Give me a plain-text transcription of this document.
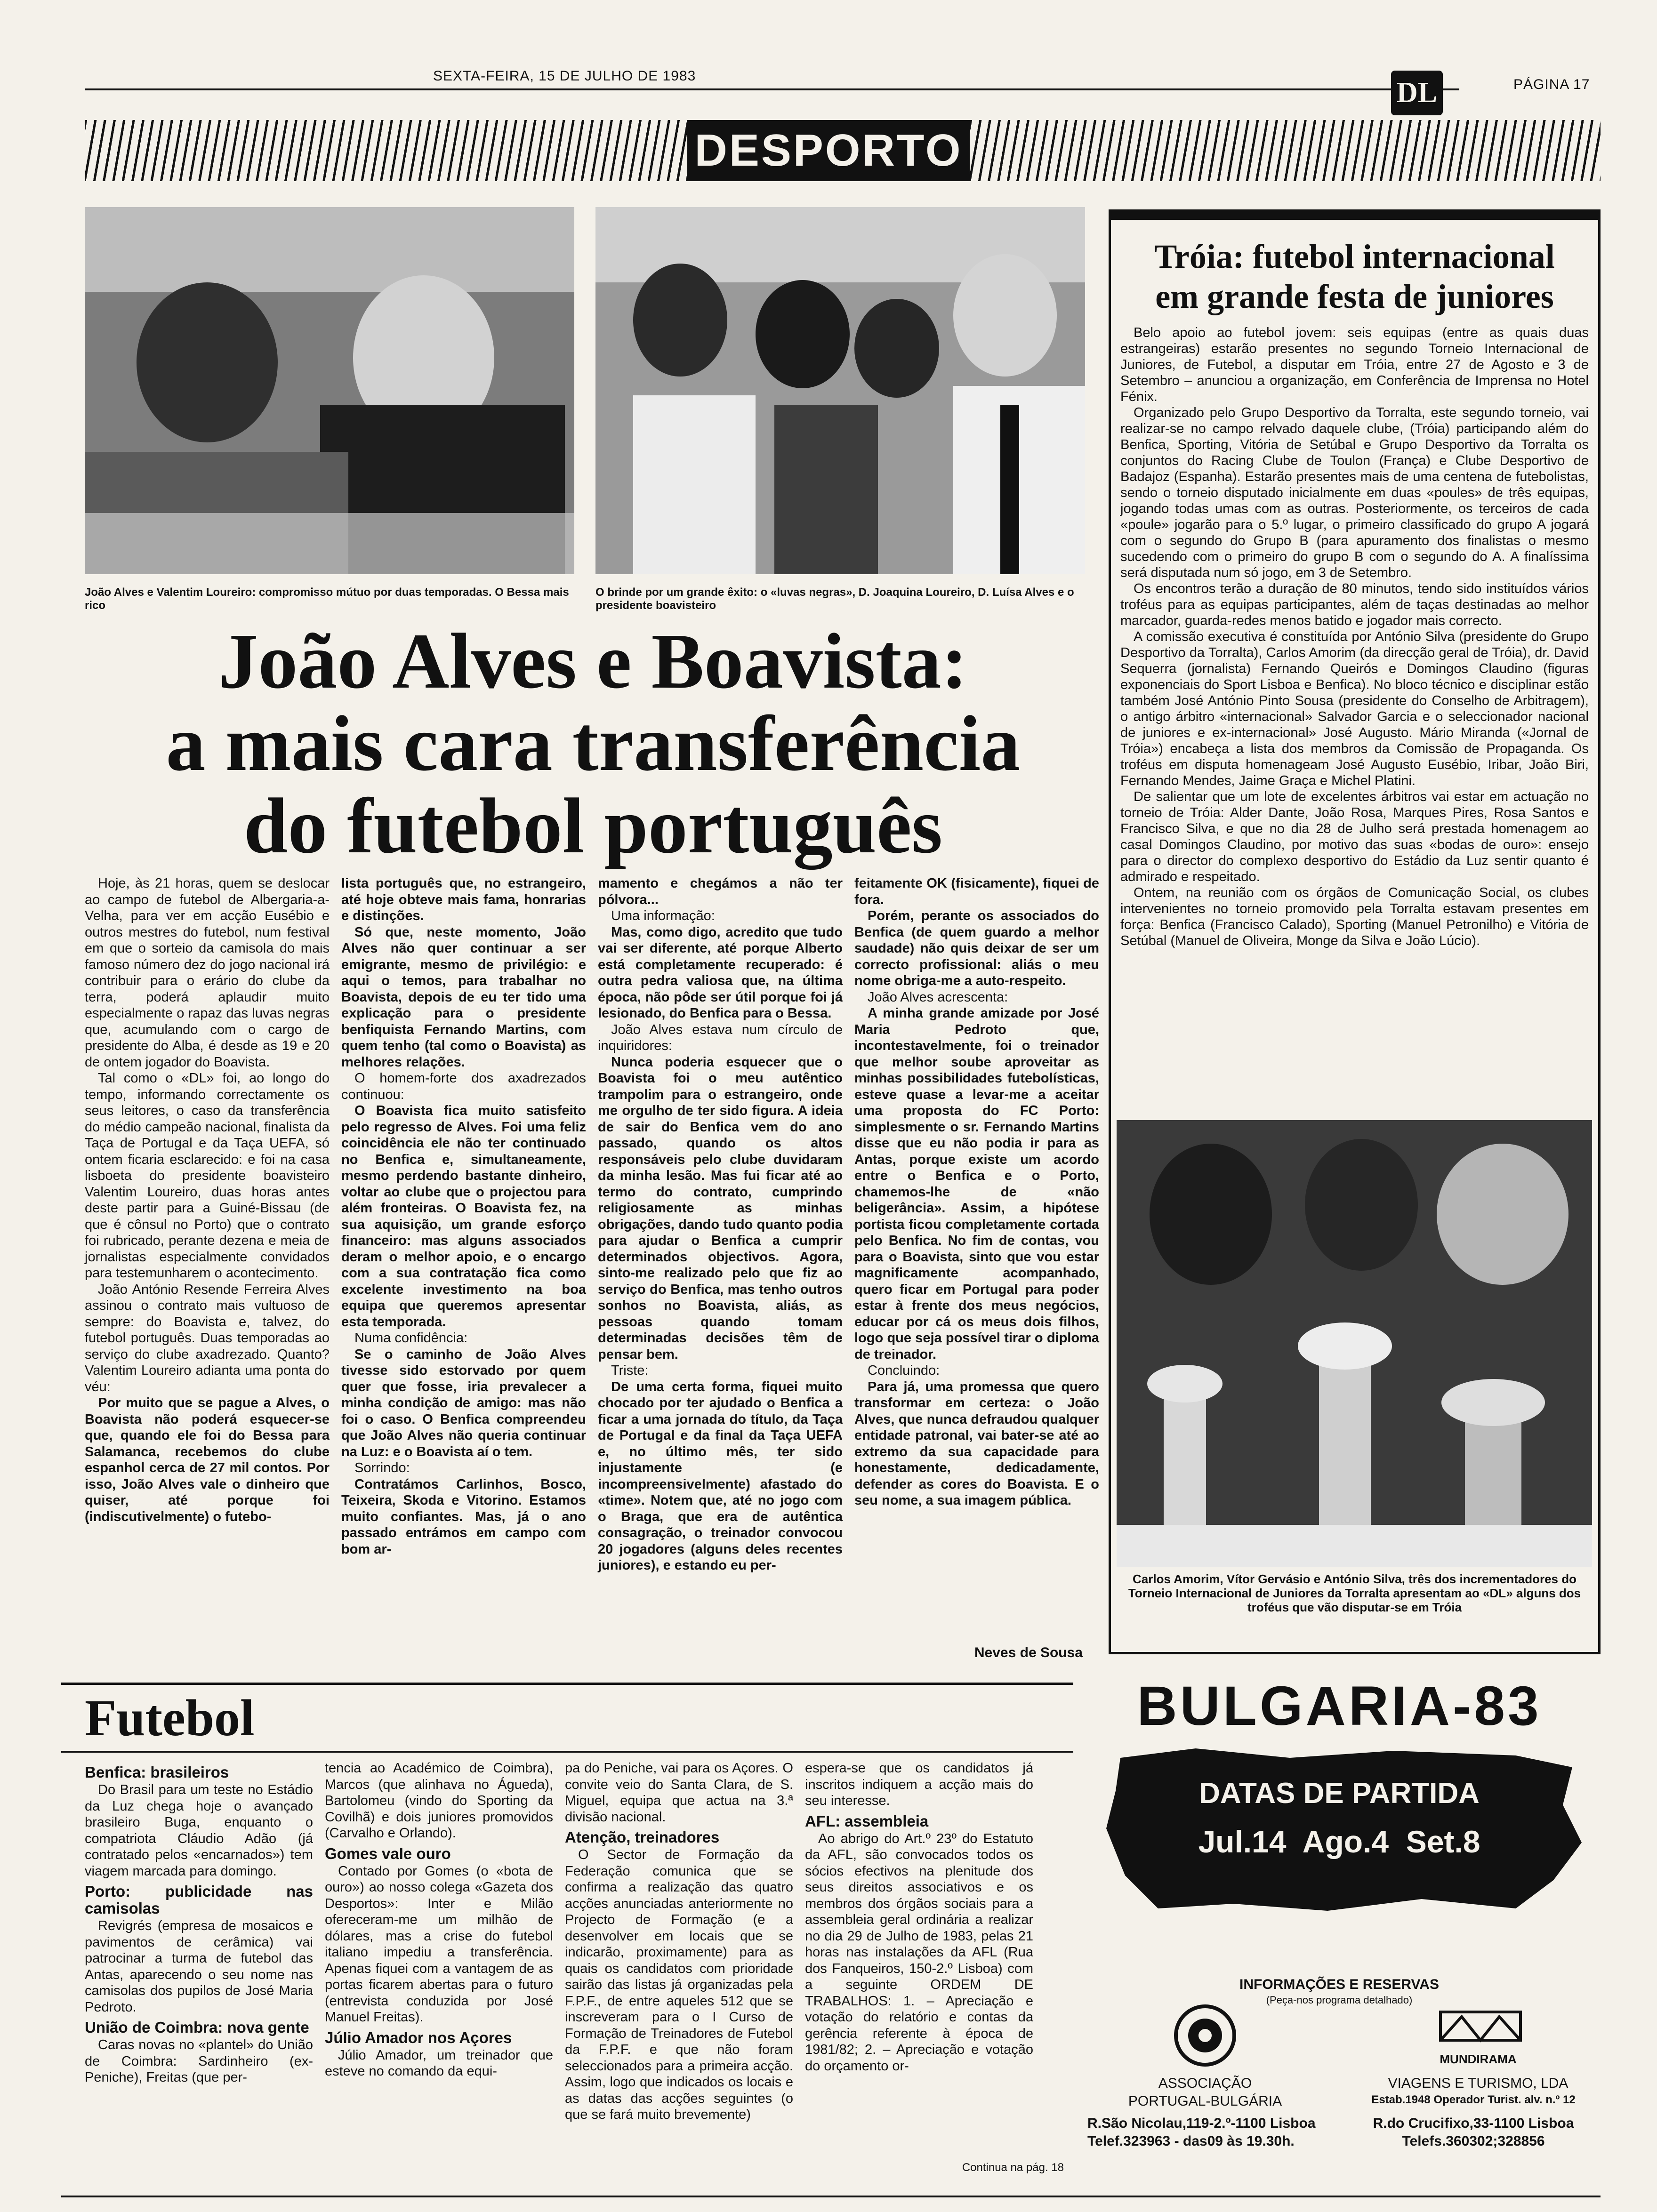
SEXTA-FEIRA, 15 DE JULHO DE 1983
DL	PÁGINA 17
DESPORTO
João Alves e Valentim Loureiro: compromisso mútuo por duas temporadas. O Bessa mais rico
O brinde por um grande êxito: o «luvas negras», D. Joaquina Loureiro, D. Luísa Alves e o presidente boavisteiro
João Alves e Boavista:
a mais cara transferência
do futebol português

Hoje, às 21 horas, quem se deslocar ao campo de futebol de Albergaria-a-Velha, para ver em acção Eusébio e outros mestres do futebol, num festival em que o sorteio da camisola do mais famoso número dez do jogo nacional irá contribuir para o erário do clube da terra, poderá aplaudir muito especialmente o rapaz das luvas negras que, acumulando com o cargo de presidente do Alba, é desde as 19 e 20 de ontem jogador do Boavista.

Tal como o «DL» foi, ao longo do tempo, informando correctamente os seus leitores, o caso da transferência do médio campeão nacional, finalista da Taça de Portugal e da Taça UEFA, só ontem ficaria esclarecido: e foi na casa lisboeta do presidente boavisteiro Valentim Loureiro, duas horas antes deste partir para a Guiné-Bissau (de que é cônsul no Porto) que o contrato foi rubricado, perante dezena e meia de jornalistas especialmente convidados para testemunharem o acontecimento.

João António Resende Ferreira Alves assinou o contrato mais vultuoso de sempre: do Boavista e, talvez, do futebol português. Duas temporadas ao serviço do clube axadrezado. Quanto? Valentim Loureiro adianta uma ponta do véu:

Por muito que se pague a Alves, o Boavista não poderá esquecer-se que, quando ele foi do Bessa para Salamanca, recebemos do clube espanhol cerca de 27 mil contos. Por isso, João Alves vale o dinheiro que quiser, até porque foi (indiscutivelmente) o futebo-

lista português que, no estrangeiro, até hoje obteve mais fama, honrarias e distinções.

Só que, neste momento, João Alves não quer continuar a ser emigrante, mesmo de privilégio: e aqui o temos, para trabalhar no Boavista, depois de eu ter tido uma explicação para o presidente benfiquista Fernando Martins, com quem tenho (tal como o Boavista) as melhores relações.

O homem-forte dos axadrezados continuou:

O Boavista fica muito satisfeito pelo regresso de Alves. Foi uma feliz coincidência ele não ter continuado no Benfica e, simultaneamente, mesmo perdendo bastante dinheiro, voltar ao clube que o projectou para além fronteiras. O Boavista fez, na sua aquisição, um grande esforço financeiro: mas alguns associados deram o melhor apoio, e o encargo com a sua contratação fica como excelente investimento na boa equipa que queremos apresentar esta temporada.

Numa confidência:

Se o caminho de João Alves tivesse sido estorvado por quem quer que fosse, iria prevalecer a minha condição de amigo: mas não foi o caso. O Benfica compreendeu que João Alves não queria continuar na Luz: e o Boavista aí o tem.

Sorrindo:

Contratámos Carlinhos, Bosco, Teixeira, Skoda e Vitorino. Estamos muito confiantes. Mas, já o ano passado entrámos em campo com bom ar-

mamento e chegámos a não ter pólvora...

Uma informação:

Mas, como digo, acredito que tudo vai ser diferente, até porque Alberto está completamente recuperado: é outra pedra valiosa que, na última época, não pôde ser útil porque foi já lesionado, do Benfica para o Bessa.

João Alves estava num círculo de inquiridores:

Nunca poderia esquecer que o Boavista foi o meu autêntico trampolim para o estrangeiro, onde me orgulho de ter sido figura. A ideia de sair do Benfica vem do ano passado, quando os altos responsáveis pelo clube duvidaram da minha lesão. Mas fui ficar até ao termo do contrato, cumprindo religiosamente as minhas obrigações, dando tudo quanto podia para ajudar o Benfica a cumprir determinados objectivos. Agora, sinto-me realizado pelo que fiz ao serviço do Benfica, mas tenho outros sonhos no Boavista, aliás, as pessoas quando tomam determinadas decisões têm de pensar bem.

Triste:

De uma certa forma, fiquei muito chocado por ter ajudado o Benfica a ficar a uma jornada do título, da Taça de Portugal e da final da Taça UEFA e, no último mês, ter sido injustamente (e incompreensivelmente) afastado do «time». Notem que, até no jogo com o Braga, que era de autêntica consagração, o treinador convocou 20 jogadores (alguns deles recentes juniores), e estando eu per-

feitamente OK (fisicamente), fiquei de fora.

Porém, perante os associados do Benfica (de quem guardo a melhor saudade) não quis deixar de ser um correcto profissional: aliás o meu nome obriga-me a auto-respeito.

João Alves acrescenta:

A minha grande amizade por José Maria Pedroto que, incontestavelmente, foi o treinador que melhor soube aproveitar as minhas possibilidades futebolísticas, esteve quase a levar-me a aceitar uma proposta do FC Porto: simplesmente o sr. Fernando Martins disse que eu não podia ir para as Antas, porque existe um acordo entre o Benfica e o Porto, chamemos-lhe de «não beligerância». Assim, a hipótese portista ficou completamente cortada pelo Benfica. No fim de contas, vou para o Boavista, sinto que vou estar magnificamente acompanhado, quero ficar em Portugal para poder estar à frente dos meus negócios, educar por cá os meus dois filhos, logo que seja possível tirar o diploma de treinador.

Concluindo:

Para já, uma promessa que quero transformar em certeza: o João Alves, que nunca defraudou qualquer entidade patronal, vai bater-se até ao extremo da sua capacidade para honestamente, dedicadamente, defender as cores do Boavista. E o seu nome, a sua imagem pública.

Neves de Sousa
Tróia: futebol internacional
em grande festa de juniores

Belo apoio ao futebol jovem: seis equipas (entre as quais duas estrangeiras) estarão presentes no segundo Torneio Internacional de Juniores, de Futebol, a disputar em Tróia, entre 27 de Agosto e 3 de Setembro – anunciou a organização, em Conferência de Imprensa no Hotel Fénix.

Organizado pelo Grupo Desportivo da Torralta, este segundo torneio, vai realizar-se no campo relvado daquele clube, (Tróia) participando além do Benfica, Sporting, Vitória de Setúbal e Grupo Desportivo da Torralta os conjuntos do Racing Clube de Toulon (França) e Clube Desportivo de Badajoz (Espanha). Estarão presentes mais de uma centena de futebolistas, sendo o torneio disputado inicialmente em duas «poules» de três equipas, jogando todas umas com as outras. Posteriormente, os terceiros de cada «poule» jogarão para o 5.º lugar, o primeiro classificado do grupo A jogará com o segundo do Grupo B (para apuramento dos finalistas o mesmo sucedendo com o primeiro do grupo B com o segundo do A. A finalíssima será disputada num só jogo, em 3 de Setembro.

Os encontros terão a duração de 80 minutos, tendo sido instituídos vários troféus para as equipas participantes, além de taças destinadas ao melhor marcador, guarda-redes menos batido e jogador mais correcto.

A comissão executiva é constituída por António Silva (presidente do Grupo Desportivo da Torralta), Carlos Amorim (da direcção geral de Tróia), dr. David Sequerra (jornalista) Fernando Queirós e Domingos Claudino (figuras exponenciais do Sport Lisboa e Benfica). No bloco técnico e disciplinar estão também José António Pinto Sousa (presidente do Conselho de Arbitragem), o antigo árbitro «internacional» Salvador Garcia e o seleccionador nacional de juniores e ex-internacional» José Augusto. Mário Miranda («Jornal de Tróia») encabeça a lista dos membros da Comissão de Propaganda. Os troféus em disputa homenageam José Augusto Eusébio, Iribar, João Biri, Fernando Mendes, Jaime Graça e Michel Platini.

De salientar que um lote de excelentes árbitros vai estar em actuação no torneio de Tróia: Alder Dante, João Rosa, Marques Pires, Rosa Santos e Francisco Silva, e que no dia 28 de Julho será prestada homenagem ao casal Domingos Claudino, por motivo das suas «bodas de ouro»: ensejo para o director do complexo desportivo do Estádio da Luz sentir quanto é admirado e respeitado.

Ontem, na reunião com os órgãos de Comunicação Social, os clubes intervenientes no torneio promovido pela Torralta estavam presentes em força: Benfica (Francisco Calado), Sporting (Manuel Petronilho) e Vitória de Setúbal (Manuel de Oliveira, Monge da Silva e João Lúcio).

Carlos Amorim, Vítor Gervásio e António Silva, três dos incrementadores do Torneio Internacional de Juniores da Torralta apresentam ao «DL» alguns dos troféus que vão disputar-se em Tróia
Futebol
Benfica: brasileiros

Do Brasil para um teste no Estádio da Luz chega hoje o avançado brasileiro Buga, enquanto o compatriota Cláudio Adão (já contratado pelos «encarnados») tem viagem marcada para domingo.

Porto: publicidade nas camisolas

Revigrés (empresa de mosaicos e pavimentos de cerâmica) vai patrocinar a turma de futebol das Antas, aparecendo o seu nome nas camisolas dos pupilos de José Maria Pedroto.

União de Coimbra: nova gente

Caras novas no «plantel» do União de Coimbra: Sardinheiro (ex-Peniche), Freitas (que per-

tencia ao Académico de Coimbra), Marcos (que alinhava no Águeda), Bartolomeu (vindo do Sporting da Covilhã) e dois juniores promovidos (Carvalho e Orlando).

Gomes vale ouro

Contado por Gomes (o «bota de ouro») ao nosso colega «Gazeta dos Desportos»: Inter e Milão ofereceram-me um milhão de dólares, mas a crise do futebol italiano impediu a transferência. Apenas fiquei com a vantagem de as portas ficarem abertas para o futuro (entrevista conduzida por José Manuel Freitas).

Júlio Amador nos Açores

Júlio Amador, um treinador que esteve no comando da equi-

pa do Peniche, vai para os Açores. O convite veio do Santa Clara, de S. Miguel, equipa que actua na 3.ª divisão nacional.

Atenção, treinadores

O Sector de Formação da Federação comunica que se confirma a realização das quatro acções anunciadas anteriormente no Projecto de Formação (e a desenvolver em locais que se indicarão, proximamente) para as quais os candidatos com prioridade sairão das listas já organizadas pela F.P.F., de entre aqueles 512 que se inscreveram para o I Curso de Formação de Treinadores de Futebol da F.P.F. e que não foram seleccionados para a primeira acção. Assim, logo que indicados os locais e as datas das acções seguintes (o que se fará muito brevemente)

espera-se que os candidatos já inscritos indiquem a acção mais do seu interesse.

AFL: assembleia

Ao abrigo do Art.º 23º do Estatuto da AFL, são convocados todos os sócios efectivos na plenitude dos seus direitos associativos e os membros dos órgãos sociais para a assembleia geral ordinária a realizar no dia 29 de Julho de 1983, pelas 21 horas nas instalações da AFL (Rua dos Fanqueiros, 150-2.º Lisboa) com a seguinte ORDEM DE TRABALHOS: 1. – Apreciação e votação do relatório e contas da gerência referente à época de 1981/82; 2. – Apreciação e votação do orçamento or-

Continua na pág. 18
BULGARIA-83
DATAS DE PARTIDA
Jul.14  Ago.4  Set.8
INFORMAÇÕES E RESERVAS
(Peça-nos programa detalhado)
ASSOCIAÇÃO
PORTUGAL-BULGÁRIA
R.São Nicolau,119-2.º-1100 Lisboa
Telef.323963 - das09 às 19.30h.
MUNDIRAMA
VIAGENS E TURISMO, LDA
Estab.1948 Operador Turist. alv. n.º 12
R.do Crucifixo,33-1100 Lisboa
Telefs.360302;328856
